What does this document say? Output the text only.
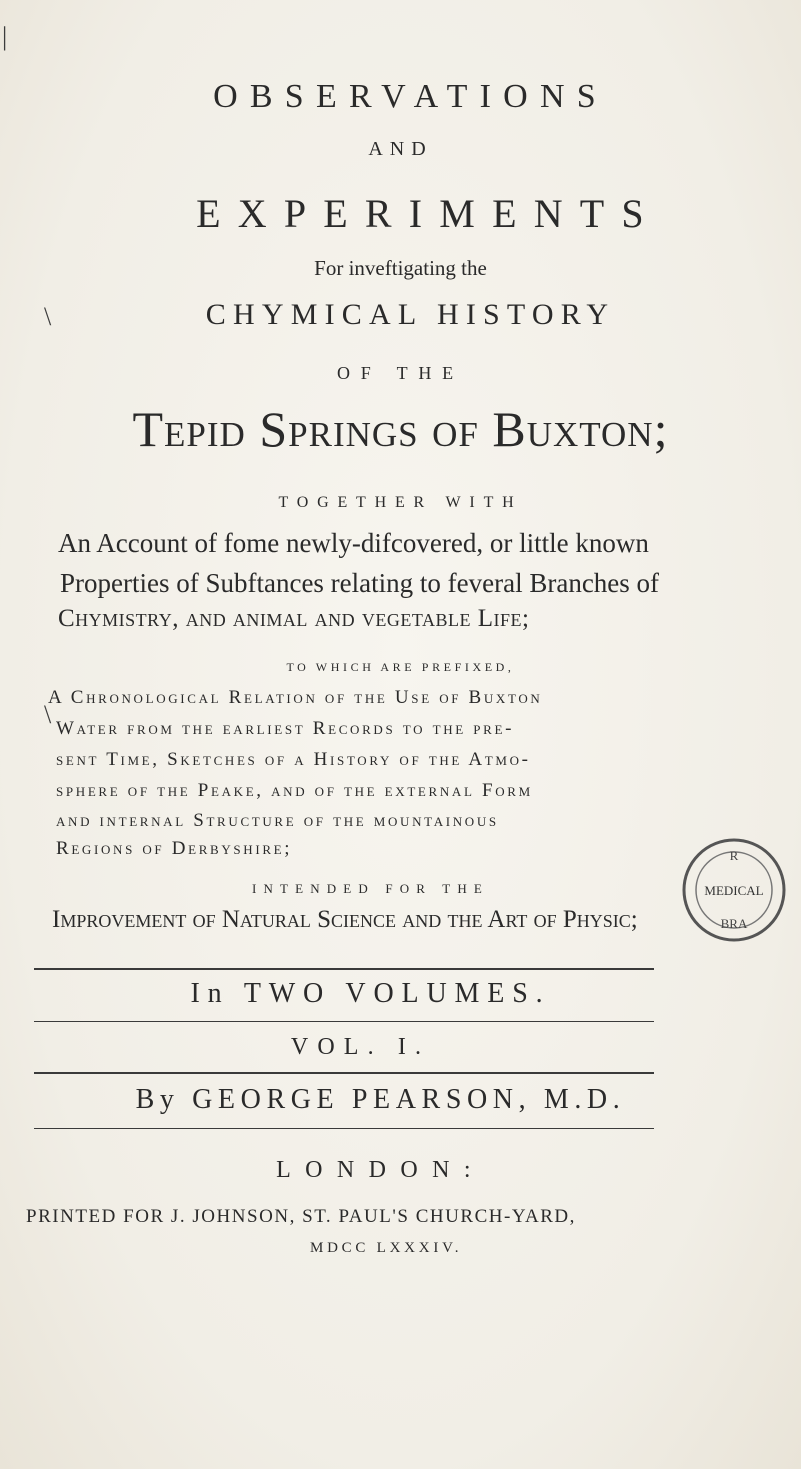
|
\
\
OBSERVATIONS
AND
EXPERIMENTS
For inveftigating the
CHYMICAL HISTORY
OF THE
Tepid Springs of Buxton;
TOGETHER WITH
An Account of fome newly-difcovered, or little known
Properties of Subftances relating to feveral Branches of
Chymistry, and animal and vegetable Life;
TO WHICH ARE PREFIXED,
A Chronological Relation of the Use of Buxton
Water from the earliest Records to the pre-
sent Time, Sketches of a History of the Atmo-
sphere of the Peake, and of the external Form
and internal Structure of the mountainous
Regions of Derbyshire;
INTENDED FOR THE
Improvement of Natural Science and the Art of Physic;
R
MEDICAL
BRA
In TWO VOLUMES.
VOL. I.
By GEORGE PEARSON, M.D.
LONDON:
PRINTED FOR J. JOHNSON, ST. PAUL'S CHURCH-YARD,
MDCC LXXXIV.
